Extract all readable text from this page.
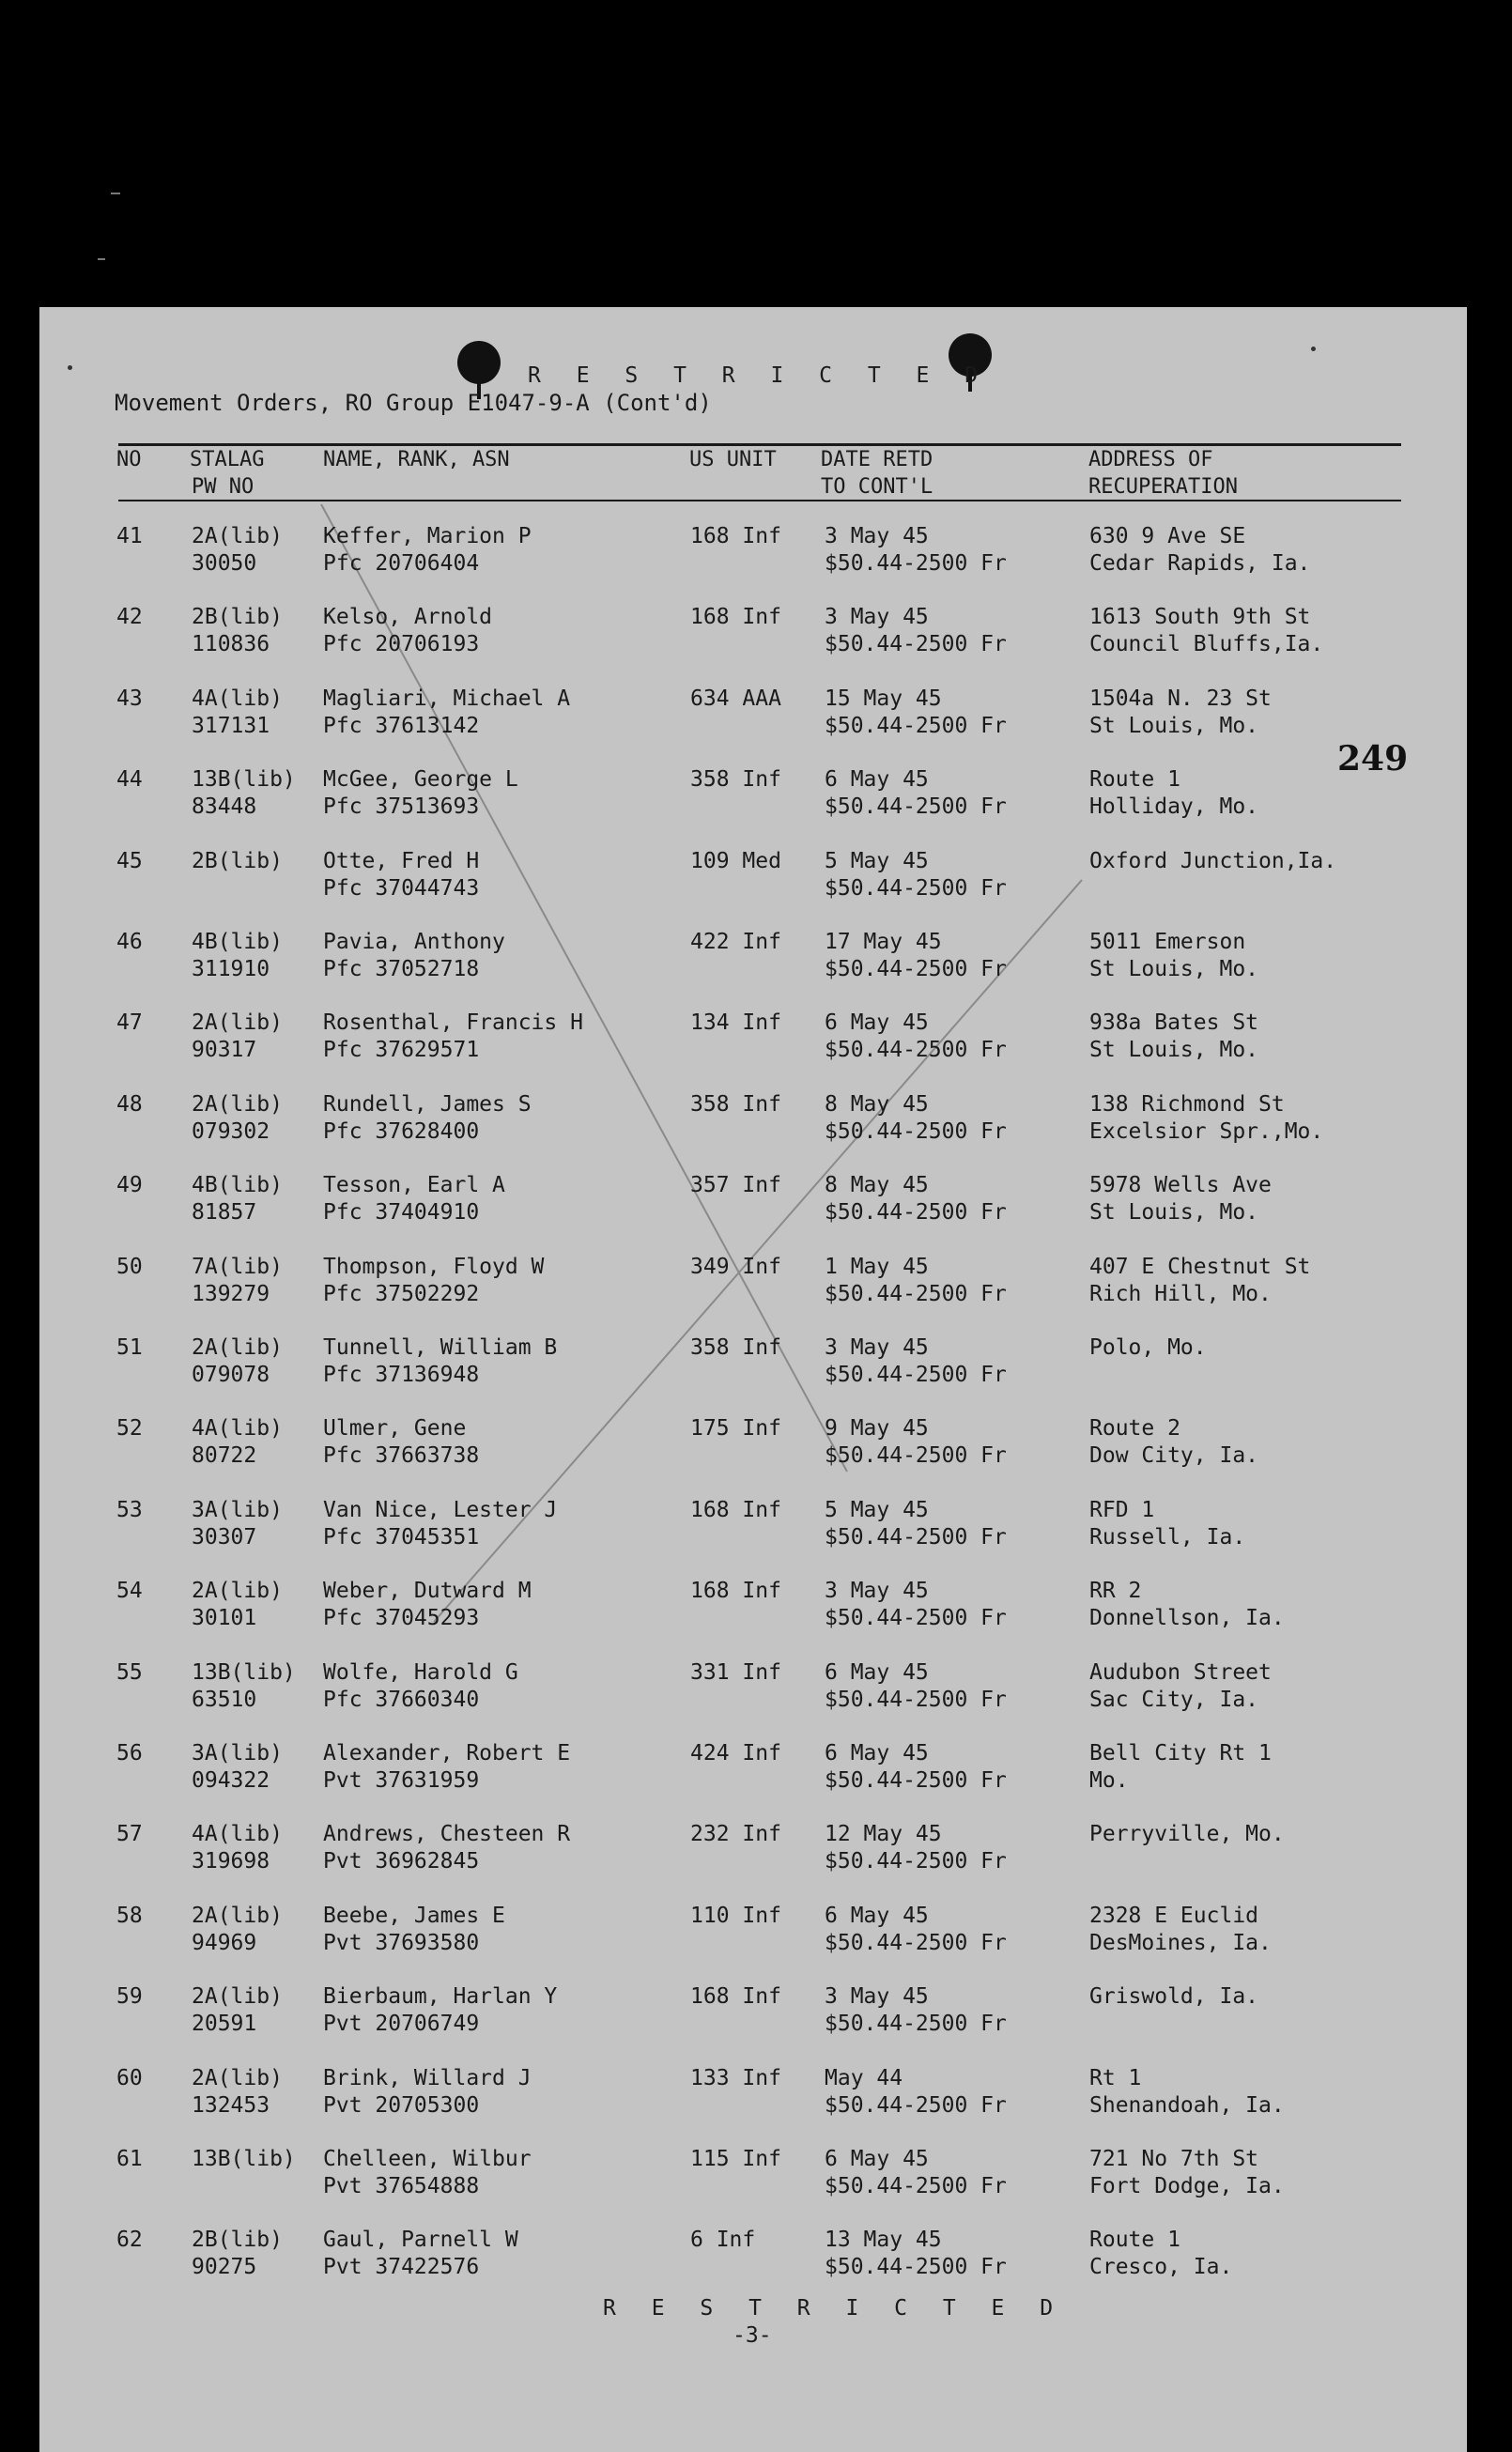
R E S T R I C T E D
Movement Orders, RO Group E1047-9-A (Cont'd)
NO STALAG
PW NO
NAME, RANK, ASN	US UNIT DATE RETD
TO CONT'L
ADDRESS OF
RECUPERATION
249
41 2A(lib)
30050
Keffer, Marion P
Pfc 20706404
168 Inf 3 May 45
$50.44-2500 Fr
630 9 Ave SE
Cedar Rapids, Ia.
42 2B(lib)
110836
Kelso, Arnold
Pfc 20706193
168 Inf 3 May 45
$50.44-2500 Fr
1613 South 9th St
Council Bluffs,Ia.
43 4A(lib)
317131
Magliari, Michael A
Pfc 37613142
634 AAA 15 May 45
$50.44-2500 Fr
1504a N. 23 St
St Louis, Mo.
44 13B(lib)
83448
McGee, George L
Pfc 37513693
358 Inf 6 May 45
$50.44-2500 Fr
Route 1
Holliday, Mo.
45 2B(lib) Otte, Fred H
Pfc 37044743
109 Med 5 May 45
$50.44-2500 Fr
Oxford Junction,Ia.
46 4B(lib)
311910
Pavia, Anthony
Pfc 37052718
422 Inf 17 May 45
$50.44-2500 Fr
5011 Emerson
St Louis, Mo.
47 2A(lib)
90317
Rosenthal, Francis H
Pfc 37629571
134 Inf 6 May 45
$50.44-2500 Fr
938a Bates St
St Louis, Mo.
48 2A(lib)
079302
Rundell, James S
Pfc 37628400
358 Inf 8 May 45
$50.44-2500 Fr
138 Richmond St
Excelsior Spr.,Mo.
49 4B(lib)
81857
Tesson, Earl A
Pfc 37404910
357 Inf 8 May 45
$50.44-2500 Fr
5978 Wells Ave
St Louis, Mo.
50 7A(lib)
139279
Thompson, Floyd W
Pfc 37502292
349 Inf 1 May 45
$50.44-2500 Fr
407 E Chestnut St
Rich Hill, Mo.
51 2A(lib)
079078
Tunnell, William B
Pfc 37136948
358 Inf 3 May 45
$50.44-2500 Fr
Polo, Mo.
52 4A(lib)
80722
Ulmer, Gene
Pfc 37663738
175 Inf 9 May 45
$50.44-2500 Fr
Route 2
Dow City, Ia.
53 3A(lib)
30307
Van Nice, Lester J
Pfc 37045351
168 Inf 5 May 45
$50.44-2500 Fr
RFD 1
Russell, Ia.
54 2A(lib)
30101
Weber, Dutward M
Pfc 37045293
168 Inf 3 May 45
$50.44-2500 Fr
RR 2
Donnellson, Ia.
55 13B(lib)
63510
Wolfe, Harold G
Pfc 37660340
331 Inf 6 May 45
$50.44-2500 Fr
Audubon Street
Sac City, Ia.
56 3A(lib)
094322
Alexander, Robert E
Pvt 37631959
424 Inf 6 May 45
$50.44-2500 Fr
Bell City Rt 1
Mo.
57 4A(lib)
319698
Andrews, Chesteen R
Pvt 36962845
232 Inf 12 May 45
$50.44-2500 Fr
Perryville, Mo.
58 2A(lib)
94969
Beebe, James E
Pvt 37693580
110 Inf 6 May 45
$50.44-2500 Fr
2328 E Euclid
DesMoines, Ia.
59 2A(lib)
20591
Bierbaum, Harlan Y
Pvt 20706749
168 Inf 3 May 45
$50.44-2500 Fr
Griswold, Ia.
60 2A(lib)
132453
Brink, Willard J
Pvt 20705300
133 Inf May 44
$50.44-2500 Fr
Rt 1
Shenandoah, Ia.
61 13B(lib) Chelleen, Wilbur
Pvt 37654888
115 Inf 6 May 45
$50.44-2500 Fr
721 No 7th St
Fort Dodge, Ia.
62 2B(lib)
90275
Gaul, Parnell W
Pvt 37422576
6 Inf	13 May 45
$50.44-2500 Fr
Route 1
Cresco, Ia.
R E S T R I C T E D
-3-
